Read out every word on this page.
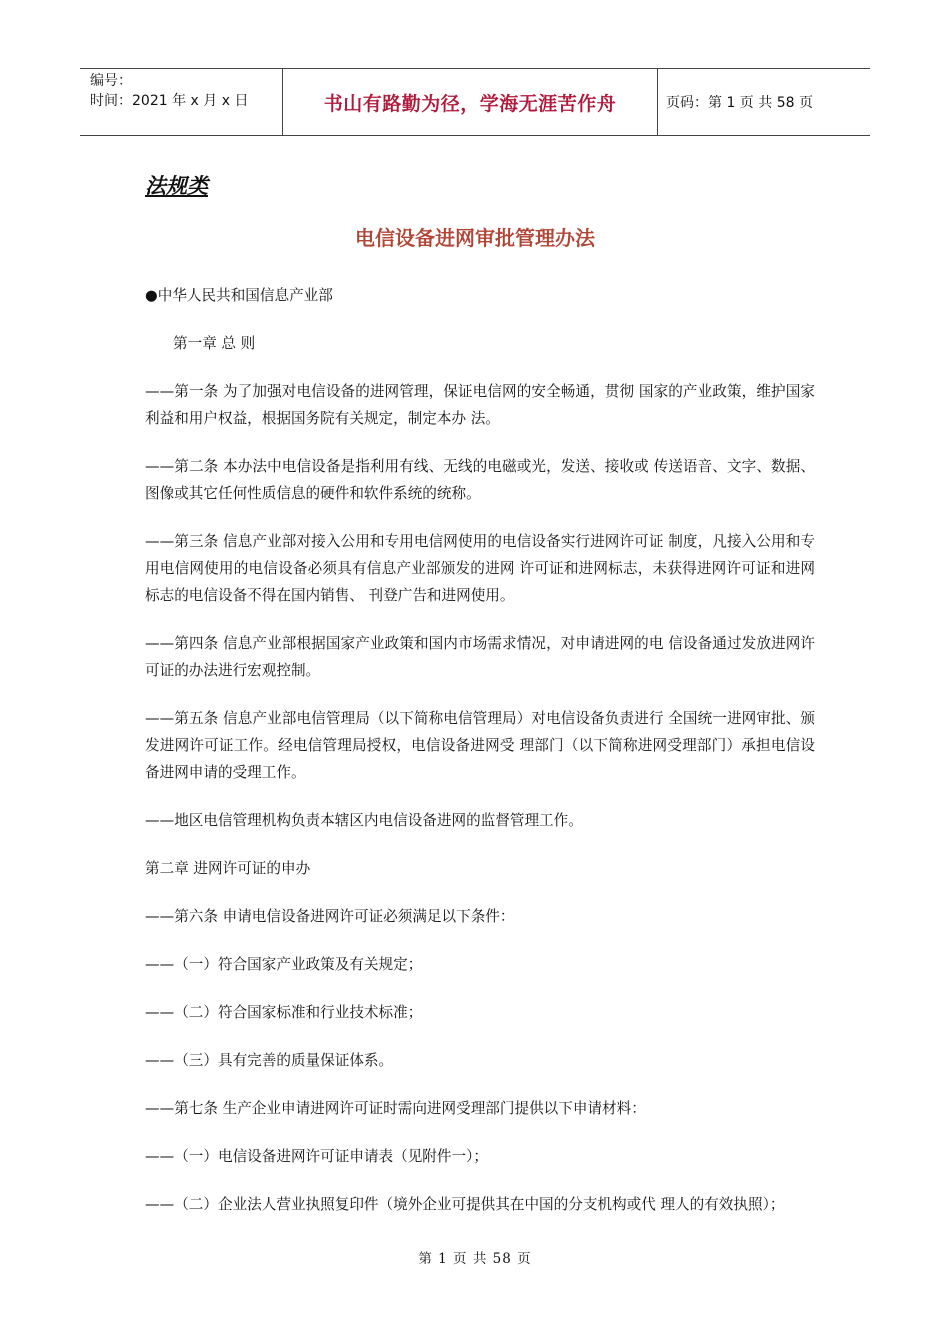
编号：
时间：2021 年 x 月 x 日	书山有路勤为径，学海无涯苦作舟	页码：第 1 页 共 58 页
法规类
电信设备进网审批管理办法

●中华人民共和国信息产业部

第一章 总 则

——第一条 为了加强对电信设备的进网管理，保证电信网的安全畅通，贯彻 国家的产业政策，维护国家利益和用户权益，根据国务院有关规定，制定本办 法。

——第二条 本办法中电信设备是指利用有线、无线的电磁或光，发送、接收或 传送语音、文字、数据、图像或其它任何性质信息的硬件和软件系统的统称。

——第三条 信息产业部对接入公用和专用电信网使用的电信设备实行进网许可证 制度，凡接入公用和专用电信网使用的电信设备必须具有信息产业部颁发的进网 许可证和进网标志，未获得进网许可证和进网标志的电信设备不得在国内销售、 刊登广告和进网使用。

——第四条 信息产业部根据国家产业政策和国内市场需求情况，对申请进网的电 信设备通过发放进网许可证的办法进行宏观控制。

——第五条 信息产业部电信管理局（以下简称电信管理局）对电信设备负责进行 全国统一进网审批、颁发进网许可证工作。经电信管理局授权，电信设备进网受 理部门（以下简称进网受理部门）承担电信设备进网申请的受理工作。

——地区电信管理机构负责本辖区内电信设备进网的监督管理工作。

第二章 进网许可证的申办

——第六条 申请电信设备进网许可证必须满足以下条件：

——（一）符合国家产业政策及有关规定；

——（二）符合国家标准和行业技术标准；

——（三）具有完善的质量保证体系。

——第七条 生产企业申请进网许可证时需向进网受理部门提供以下申请材料：

——（一）电信设备进网许可证申请表（见附件一）；

——（二）企业法人营业执照复印件（境外企业可提供其在中国的分支机构或代 理人的有效执照）；

第 1 页 共 58 页
